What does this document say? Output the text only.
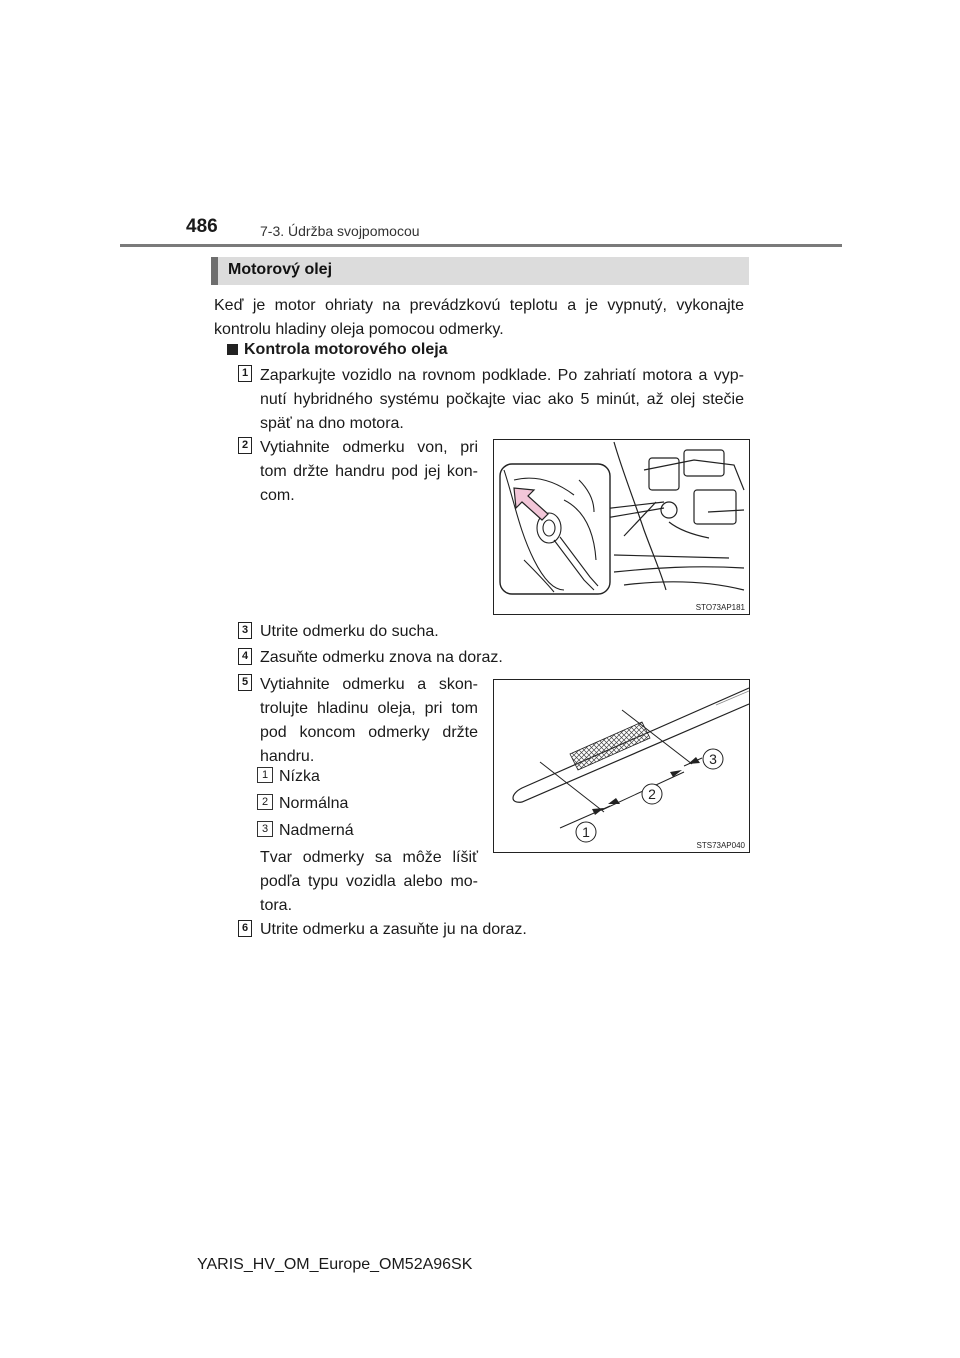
486	7-3. Údržba svojpomocou
Motorový olej
Keď je motor ohriaty na prevádzkovú teplotu a je vypnutý, vykonajte
kontrolu hladiny oleja pomocou odmerky.
Kontrola motorového oleja
1 Zaparkujte vozidlo na rovnom podklade. Po zahriatí motora a vyp-
nutí hybridného systému počkajte viac ako 5 minút, až olej stečie
späť na dno motora.
2 Vytiahnite odmerku von, pri
tom držte handru pod jej kon-
com.
STO73AP181
3 Utrite odmerku do sucha.
4 Zasuňte odmerku znova na doraz.
5 Vytiahnite odmerku a skon-
trolujte hladinu oleja, pri tom
pod koncom odmerky držte
handru.
1 Nízka
2 Normálna
3 Nadmerná
Tvar odmerky sa môže líšiť
podľa typu vozidla alebo mo-
tora.
1
2
3
STS73AP040
6 Utrite odmerku a zasuňte ju na doraz.
YARIS_HV_OM_Europe_OM52A96SK
